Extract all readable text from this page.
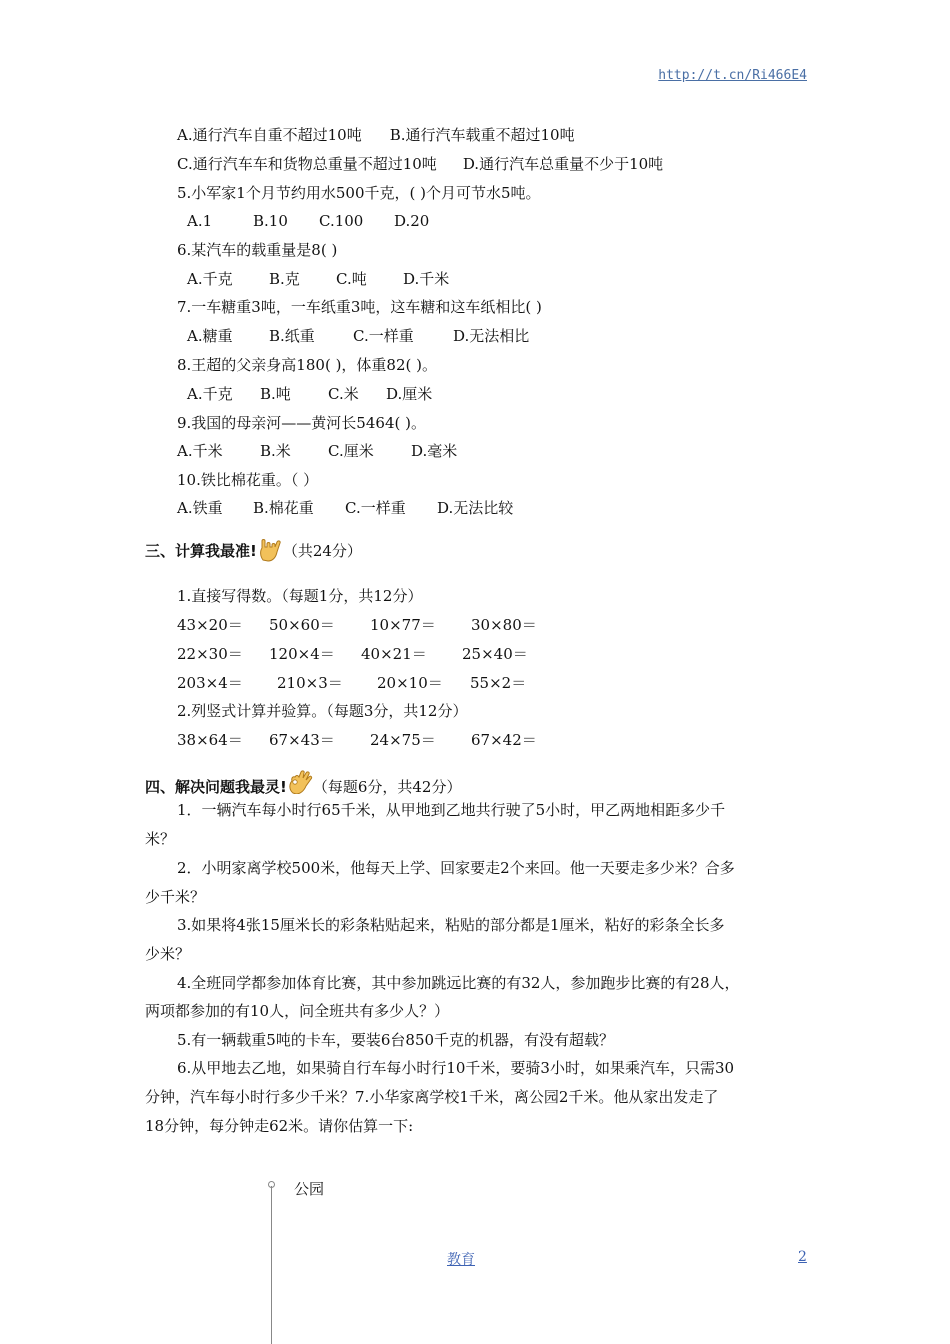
http://t.cn/Ri466E4
A.通行汽车自重不超过10吨 B.通行汽车载重不超过10吨
C.通行汽车车和货物总重量不超过10吨 D.通行汽车总重量不少于10吨
5.小军家1个月节约用水500千克，( )个月可节水5吨。
A.1	B.10 C.100 D.20
6.某汽车的载重量是8( )
A.千克 B.克 C.吨 D.千米
7.一车糖重3吨，一车纸重3吨，这车糖和这车纸相比( )
A.糖重 B.纸重	C.一样重	D.无法相比
8.王超的父亲身高180( )，体重82( )。
A.千克 B.吨 C.米 D.厘米
9.我国的母亲河——黄河长5464( )。
A.千米 B.米 C.厘米 D.毫米
10.铁比棉花重。（ ）
A.铁重 B.棉花重 C.一样重 D.无法比较
三、计算我最准! （共24分）
1.直接写得数。（每题1分，共12分）
43×20＝ 50×60＝ 10×77＝ 30×80＝
22×30＝ 120×4＝ 40×21＝ 25×40＝
203×4＝ 210×3＝ 20×10＝ 55×2＝
2.列竖式计算并验算。（每题3分，共12分）
38×64＝ 67×43＝ 24×75＝ 67×42＝
四、解决问题我最灵! （每题6分，共42分）
1．一辆汽车每小时行65千米，从甲地到乙地共行驶了5小时，甲乙两地相距多少千
米？
2．小明家离学校500米，他每天上学、回家要走2个来回。他一天要走多少米？合多
少千米？
3.如果将4张15厘米长的彩条粘贴起来，粘贴的部分都是1厘米，粘好的彩条全长多
少米？
4.全班同学都参加体育比赛，其中参加跳远比赛的有32人，参加跑步比赛的有28人，
两项都参加的有10人，问全班共有多少人？）
5.有一辆载重5吨的卡车，要装6台850千克的机器，有没有超载？
6.从甲地去乙地，如果骑自行车每小时行10千米，要骑3小时，如果乘汽车，只需30
分钟，汽车每小时行多少千米？7.小华家离学校1千米，离公园2千米。他从家出发走了
18分钟，每分钟走62米。请你估算一下:
公园
教育	2
